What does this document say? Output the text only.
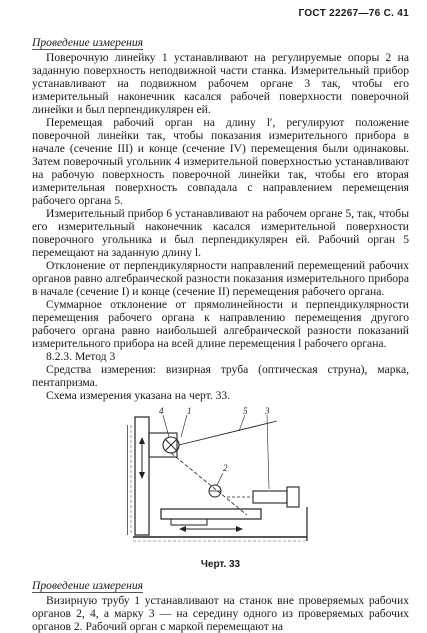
ГОСТ 22267—76 С. 41
Проведение измерения

Поверочную линейку 1 устанавливают на регулируемые опоры 2 на заданную поверхность неподвижной части станка. Измерительный прибор устанавливают на подвижном рабочем органе 3 так, чтобы его измерительный наконечник касался рабочей поверхности поверочной линейки и был перпендикулярен ей.

Перемещая рабочий орган на длину l′, регулируют положение поверочной линейки так, чтобы показания измерительного прибора в начале (сечение III) и конце (сечение IV) перемещения были одинаковы. Затем поверочный угольник 4 измерительной поверхностью устанавливают на рабочую поверхность поверочной линейки так, чтобы его вторая измерительная поверхность совпадала с направлением перемещения рабочего органа 5.

Измерительный прибор 6 устанавливают на рабочем органе 5, так, чтобы его измерительный наконечник касался измерительной поверхности поверочного угольника и был перпендикулярен ей. Рабочий орган 5 перемещают на заданную длину l.

Отклонение от перпендикулярности направлений перемещений рабочих органов равно алгебраической разности показания измерительного прибора в начале (сечение I) и конце (сечение II) перемещения рабочего органа.

Суммарное отклонение от прямолинейности и перпендикулярности перемещения рабочего органа к направлению перемещения другого рабочего органа равно наибольшей алгебраической разности показаний измерительного прибора на всей длине перемещения l рабочего органа.

8.2.3. Метод 3

Средства измерения: визирная труба (оптическая струна), марка, пентапризма.

Схема измерения указана на черт. 33.

4	1	5 3
2
Черт. 33
Проведение измерения

Визирную трубу 1 устанавливают на станок вне проверяемых рабочих органов 2, 4, а марку 3 — на середину одного из проверяемых рабочих органов 2. Рабочий орган с маркой перемещают на
